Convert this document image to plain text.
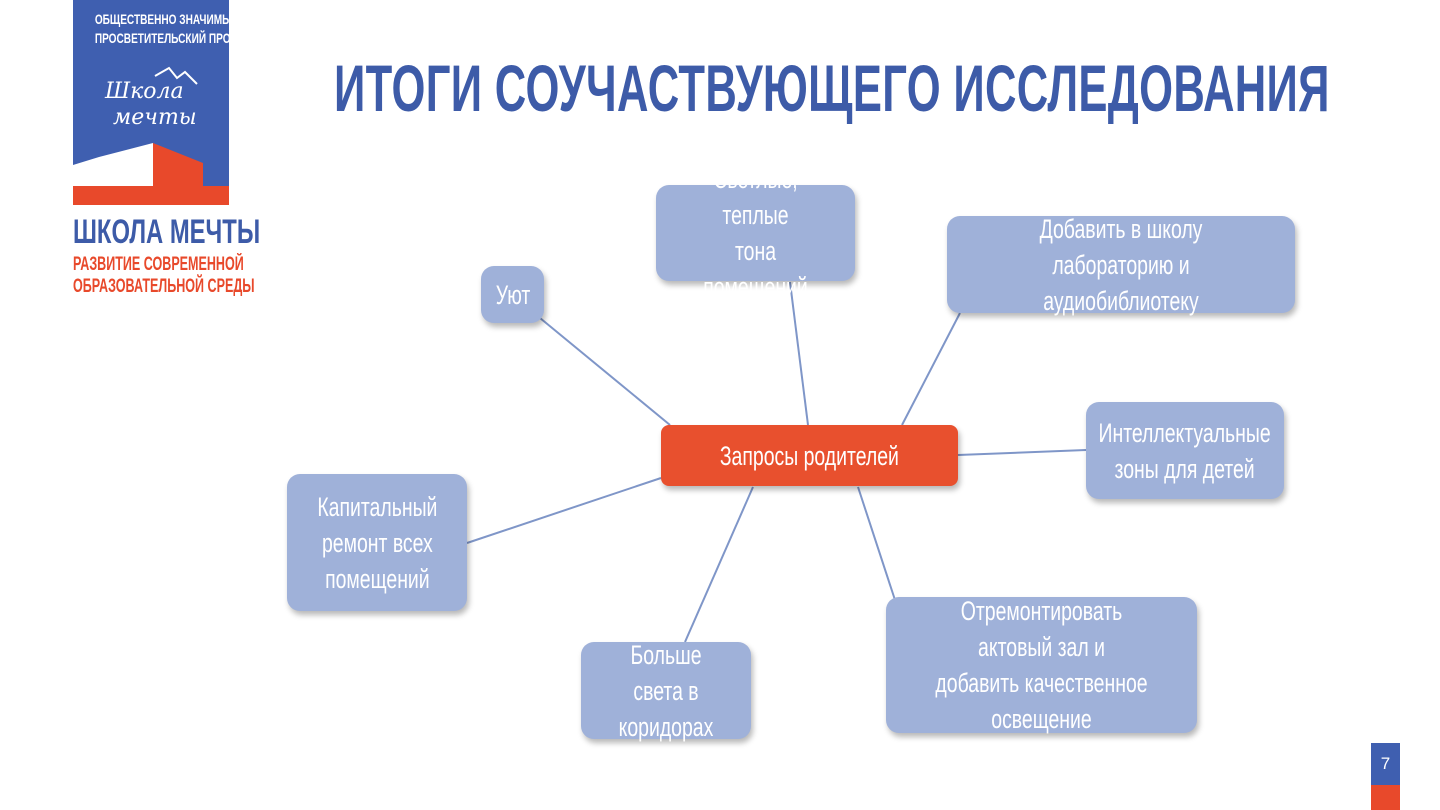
ОБЩЕСТВЕННО ЗНАЧИМЫЙ
ПРОСВЕТИТЕЛЬСКИЙ ПРОЕКТ
Школа
мечты
ШКОЛА МЕЧТЫ
РАЗВИТИЕ СОВРЕМЕННОЙ
ОБРАЗОВАТЕЛЬНОЙ СРЕДЫ
ИТОГИ СОУЧАСТВУЮЩЕГО ИССЛЕДОВАНИЯ
Запросы родителей
Уют
Светлые, теплые
тона помещений
Добавить в школу лабораторию и
аудиобиблиотеку
Интеллектуальные
зоны для детей
Отремонтировать актовый зал и
добавить качественное
освещение
Больше света в
коридорах
Капитальный
ремонт всех
помещений
7
